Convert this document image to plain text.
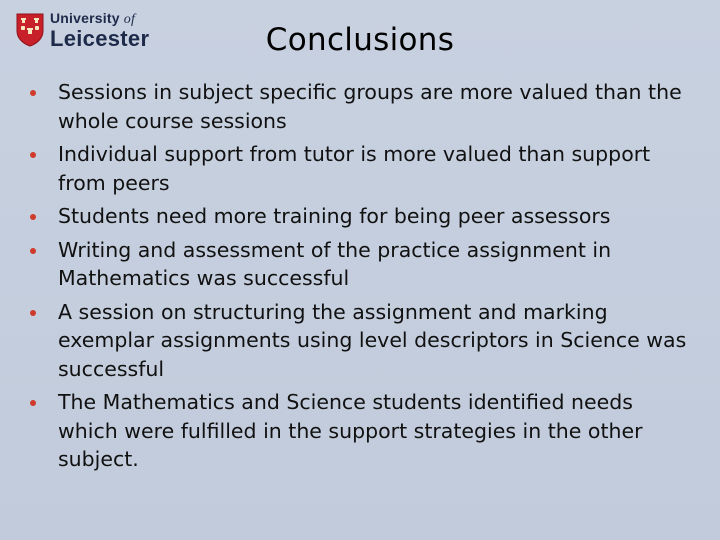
University of
Leicester	Conclusions
Sessions in subject specific groups are more valued than the whole course sessions
Individual support from tutor is more valued than support from peers
Students need more training for being peer assessors
Writing and assessment of the practice assignment in Mathematics was successful
A session on structuring the assignment and marking exemplar assignments using level descriptors in Science was successful
The Mathematics and Science students identified needs which were fulfilled in the support strategies in the other subject.
